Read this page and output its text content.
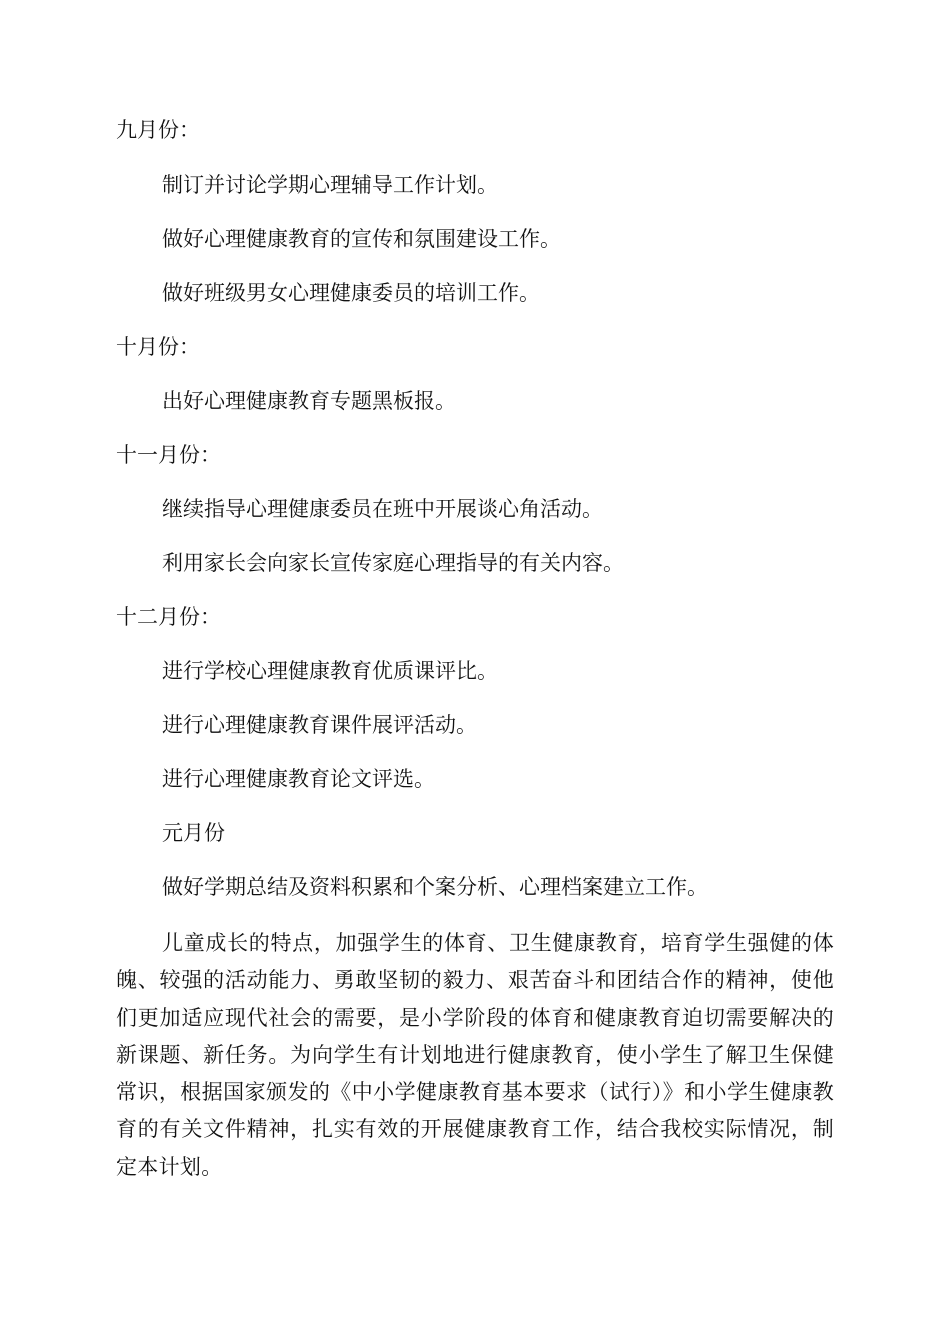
九月份：
制订并讨论学期心理辅导工作计划。
做好心理健康教育的宣传和氛围建设工作。
做好班级男女心理健康委员的培训工作。
十月份：
出好心理健康教育专题黑板报。
十一月份：
继续指导心理健康委员在班中开展谈心角活动。
利用家长会向家长宣传家庭心理指导的有关内容。
十二月份：
进行学校心理健康教育优质课评比。
进行心理健康教育课件展评活动。
进行心理健康教育论文评选。
元月份
做好学期总结及资料积累和个案分析、心理档案建立工作。
儿童成长的特点，加强学生的体育、卫生健康教育，培育学生强健的体魄、较强的活动能力、勇敢坚韧的毅力、艰苦奋斗和团结合作的精神，使他们更加适应现代社会的需要，是小学阶段的体育和健康教育迫切需要解决的新课题、新任务。为向学生有计划地进行健康教育，使小学生了解卫生保健常识，根据国家颁发的《中小学健康教育基本要求（试行）》和小学生健康教育的有关文件精神，扎实有效的开展健康教育工作，结合我校实际情况，制定本计划。
